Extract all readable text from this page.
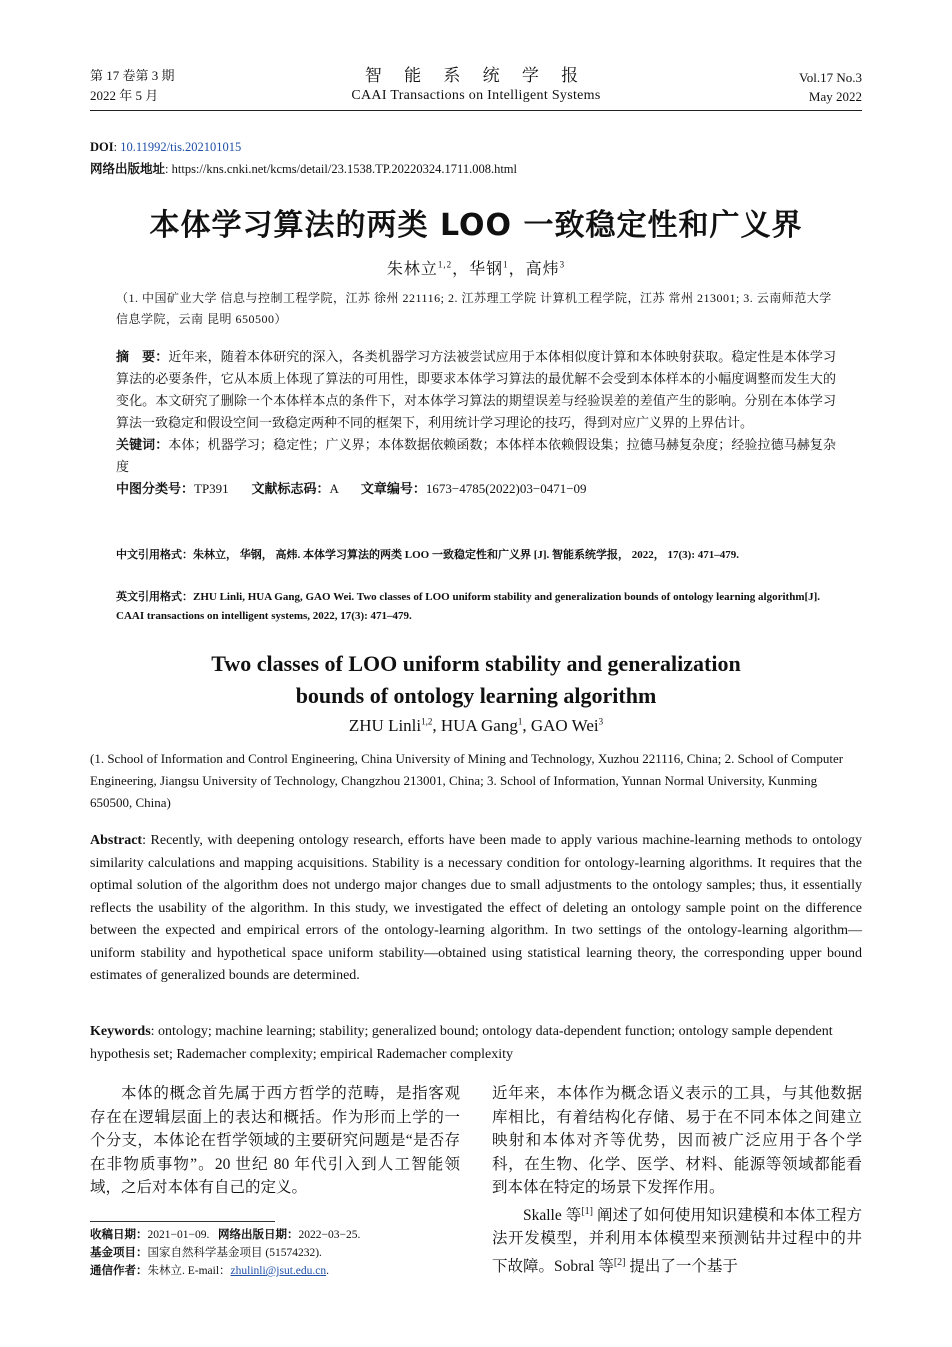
第 17 卷第 3 期
2022 年 5 月
智 能 系 统 学 报
CAAI Transactions on Intelligent Systems
Vol.17 No.3
May 2022
DOI: 10.11992/tis.202101015
网络出版地址: https://kns.cnki.net/kcms/detail/23.1538.TP.20220324.1711.008.html
本体学习算法的两类 LOO 一致稳定性和广义界
朱林立$^{1,2}$，华钢$^1$，高炜$^3$
（1. 中国矿业大学 信息与控制工程学院，江苏 徐州 221116; 2. 江苏理工学院 计算机工程学院，江苏 常州 213001; 3. 云南师范大学 信息学院，云南 昆明 650500）
摘　要：近年来，随着本体研究的深入，各类机器学习方法被尝试应用于本体相似度计算和本体映射获取。稳定性是本体学习算法的必要条件，它从本质上体现了算法的可用性，即要求本体学习算法的最优解不会受到本体样本的小幅度调整而发生大的变化。本文研究了删除一个本体样本点的条件下，对本体学习算法的期望误差与经验误差的差值产生的影响。分别在本体学习算法一致稳定和假设空间一致稳定两种不同的框架下，利用统计学习理论的技巧，得到对应广义界的上界估计。
关键词：本体；机器学习；稳定性；广义界；本体数据依赖函数；本体样本依赖假设集；拉德马赫复杂度；经验拉德马赫复杂度
中图分类号：TP391 文献标志码：A 文章编号：1673−4785(2022)03−0471−09
中文引用格式：朱林立， 华钢， 高炜. 本体学习算法的两类 LOO 一致稳定性和广义界 [J]. 智能系统学报， 2022， 17(3): 471–479.
英文引用格式：ZHU Linli, HUA Gang, GAO Wei. Two classes of LOO uniform stability and generalization bounds of ontology learning algorithm[J]. CAAI transactions on intelligent systems, 2022, 17(3): 471–479.
Two classes of LOO uniform stability and generalization
bounds of ontology learning algorithm
ZHU Linli$^{1,2}$, HUA Gang$^1$, GAO Wei$^3$
(1. School of Information and Control Engineering, China University of Mining and Technology, Xuzhou 221116, China; 2. School of Computer Engineering, Jiangsu University of Technology, Changzhou 213001, China; 3. School of Information, Yunnan Normal University, Kunming 650500, China)
Abstract: Recently, with deepening ontology research, efforts have been made to apply various machine-learning methods to ontology similarity calculations and mapping acquisitions. Stability is a necessary condition for ontology-learning algorithms. It requires that the optimal solution of the algorithm does not undergo major changes due to small adjustments to the ontology samples; thus, it essentially reflects the usability of the algorithm. In this study, we investigated the effect of deleting an ontology sample point on the difference between the expected and empirical errors of the ontology-learning algorithm. In two settings of the ontology-learning algorithm—uniform stability and hypothetical space uniform stability—obtained using statistical learning theory, the corresponding upper bound estimates of generalized bounds are determined.
Keywords: ontology; machine learning; stability; generalized bound; ontology data-dependent function; ontology sample dependent hypothesis set; Rademacher complexity; empirical Rademacher complexity

本体的概念首先属于西方哲学的范畴，是指客观存在在逻辑层面上的表达和概括。作为形而上学的一个分支，本体论在哲学领域的主要研究问题是“是否存在非物质事物”。20 世纪 80 年代引入到人工智能领域，之后对本体有自己的定义。

近年来，本体作为概念语义表示的工具，与其他数据库相比，有着结构化存储、易于在不同本体之间建立映射和本体对齐等优势，因而被广泛应用于各个学科，在生物、化学、医学、材料、能源等领域都能看到本体在特定的场景下发挥作用。

Skalle 等[1] 阐述了如何使用知识建模和本体工程方法开发模型，并利用本体模型来预测钻井过程中的井下故障。Sobral 等[2] 提出了一个基于

收稿日期：2021−01−09. 网络出版日期：2022−03−25.
基金项目：国家自然科学基金项目 (51574232).
通信作者：朱林立. E-mail：zhulinli@jsut.edu.cn.
